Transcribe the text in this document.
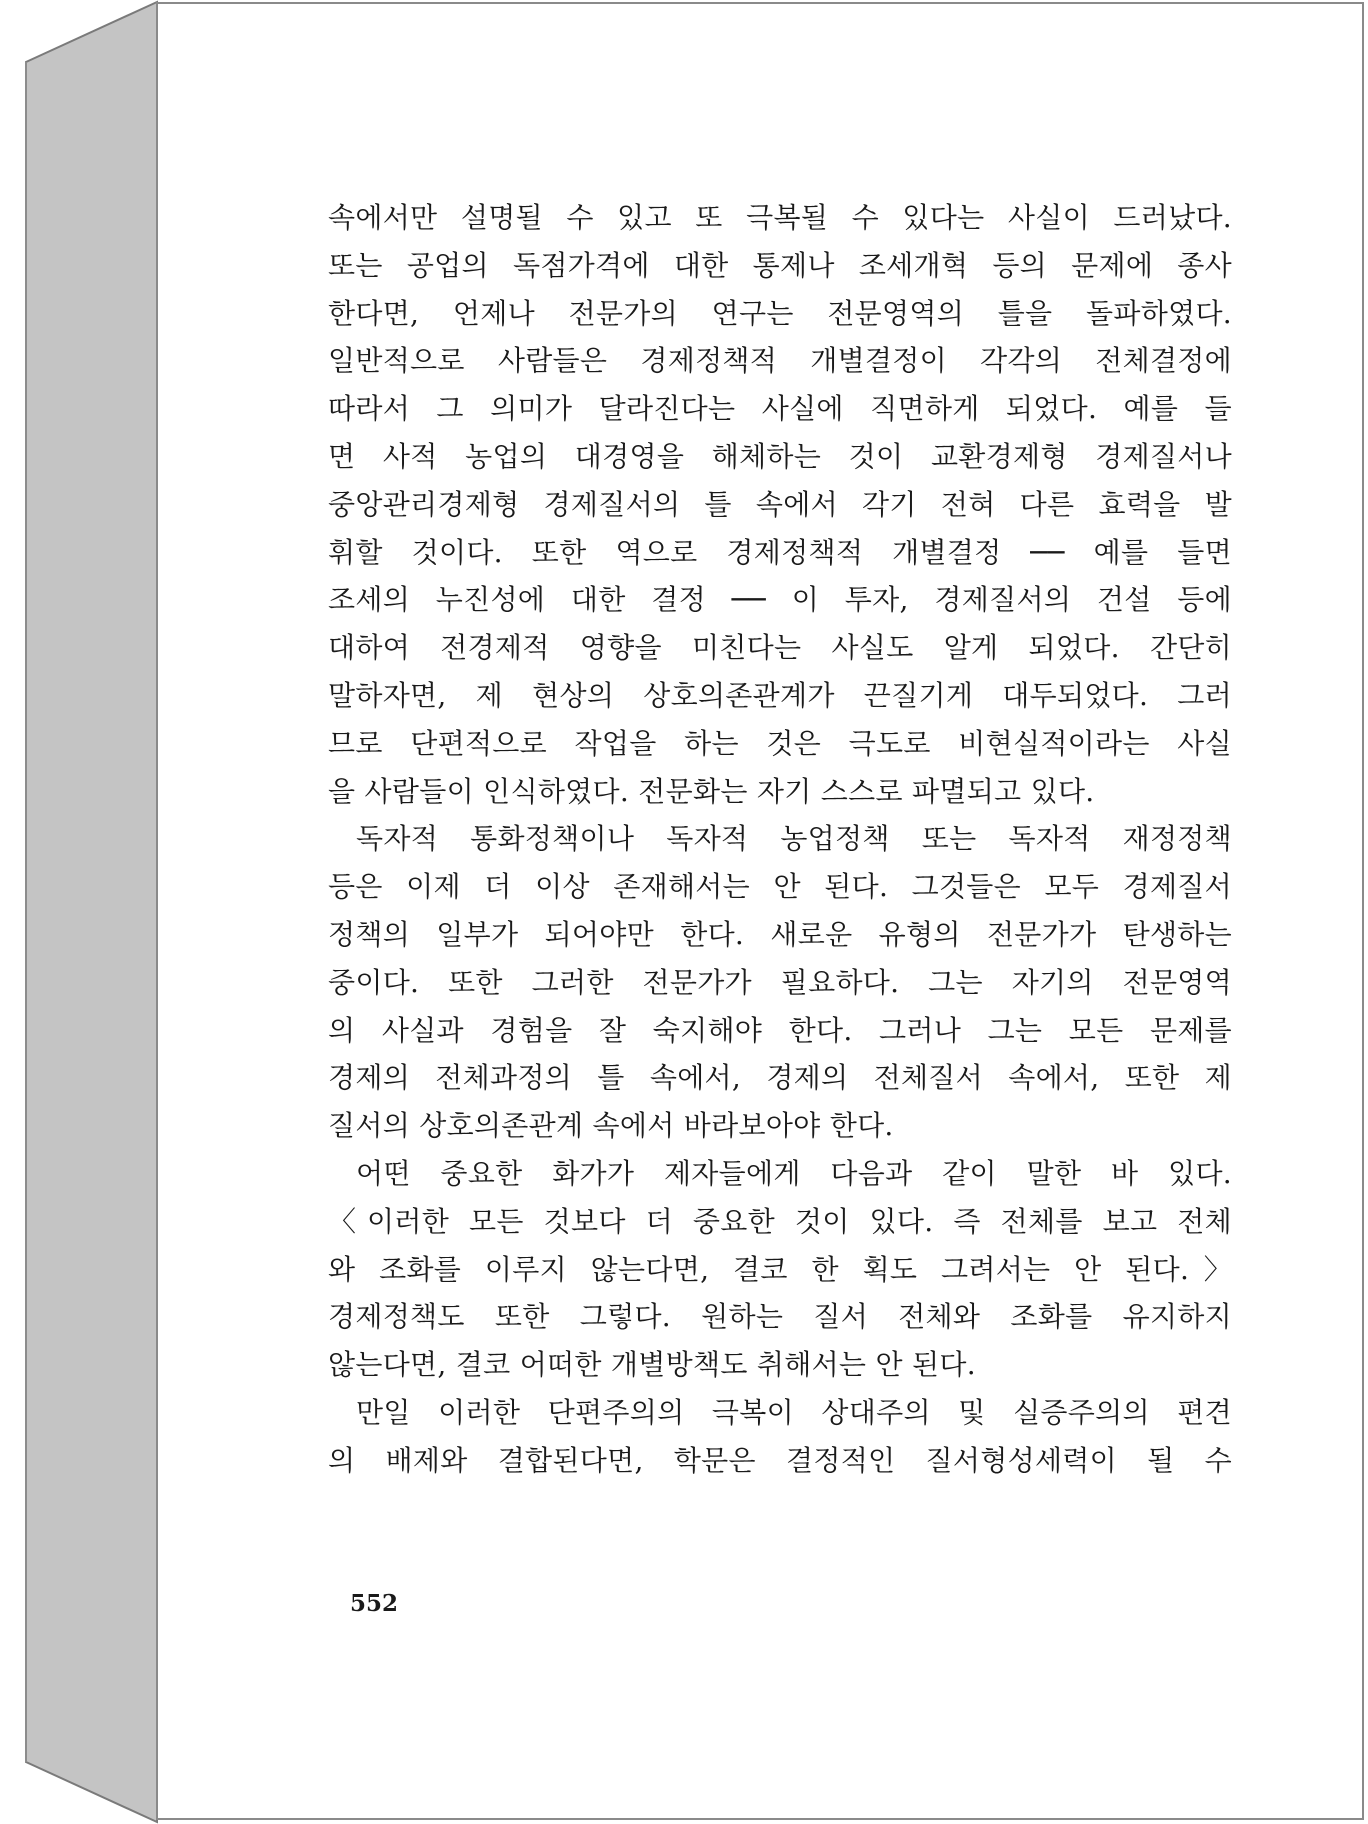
속에서만 설명될 수 있고 또 극복될 수 있다는 사실이 드러났다.
또는 공업의 독점가격에 대한 통제나 조세개혁 등의 문제에 종사
한다면, 언제나 전문가의 연구는 전문영역의 틀을 돌파하였다.
일반적으로 사람들은 경제정책적 개별결정이 각각의 전체결정에
따라서 그 의미가 달라진다는 사실에 직면하게 되었다. 예를 들
면 사적 농업의 대경영을 해체하는 것이 교환경제형 경제질서나
중앙관리경제형 경제질서의 틀 속에서 각기 전혀 다른 효력을 발
휘할 것이다. 또한 역으로 경제정책적 개별결정 ── 예를 들면
조세의 누진성에 대한 결정 ── 이 투자, 경제질서의 건설 등에
대하여 전경제적 영향을 미친다는 사실도 알게 되었다. 간단히
말하자면, 제 현상의 상호의존관계가 끈질기게 대두되었다. 그러
므로 단편적으로 작업을 하는 것은 극도로 비현실적이라는 사실
을 사람들이 인식하였다. 전문화는 자기 스스로 파멸되고 있다.
독자적 통화정책이나 독자적 농업정책 또는 독자적 재정정책
등은 이제 더 이상 존재해서는 안 된다. 그것들은 모두 경제질서
정책의 일부가 되어야만 한다. 새로운 유형의 전문가가 탄생하는
중이다. 또한 그러한 전문가가 필요하다. 그는 자기의 전문영역
의 사실과 경험을 잘 숙지해야 한다. 그러나 그는 모든 문제를
경제의 전체과정의 틀 속에서, 경제의 전체질서 속에서, 또한 제
질서의 상호의존관계 속에서 바라보아야 한다.
어떤 중요한 화가가 제자들에게 다음과 같이 말한 바 있다.
〈이러한 모든 것보다 더 중요한 것이 있다. 즉 전체를 보고 전체
와 조화를 이루지 않는다면, 결코 한 획도 그려서는 안 된다.〉
경제정책도 또한 그렇다. 원하는 질서 전체와 조화를 유지하지
않는다면, 결코 어떠한 개별방책도 취해서는 안 된다.
만일 이러한 단편주의의 극복이 상대주의 및 실증주의의 편견
의 배제와 결합된다면, 학문은 결정적인 질서형성세력이 될 수
552
